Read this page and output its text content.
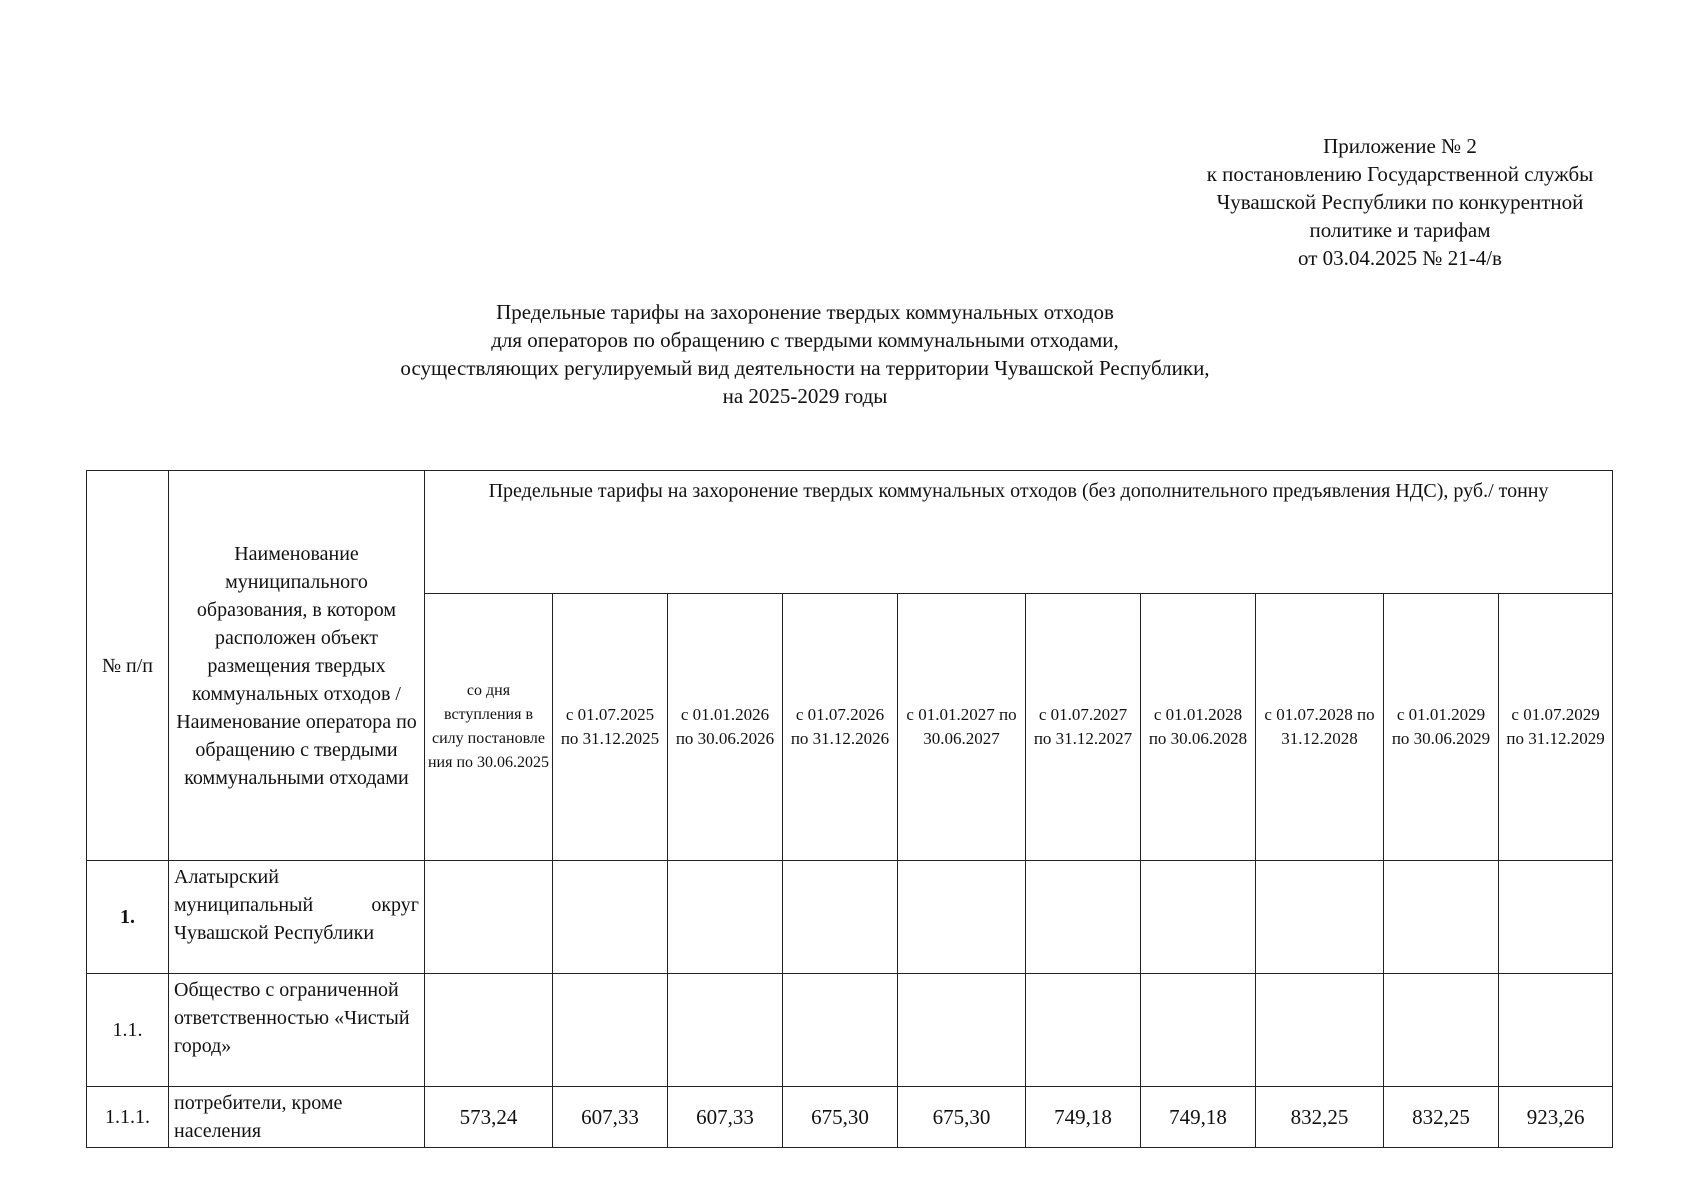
Приложение № 2
к постановлению Государственной службы
Чувашской Республики по конкурентной
политике и тарифам
от 03.04.2025 № 21-4/в
Предельные тарифы на захоронение твердых коммунальных отходов
для операторов по обращению с твердыми коммунальными отходами,
осуществляющих регулируемый вид деятельности на территории Чувашской Республики,
на 2025-2029 годы
№ п/п	Наименование муниципального образования, в котором расположен объект размещения твердых коммунальных отходов / Наименование оператора по обращению с твердыми коммунальными отходами	Предельные тарифы на захоронение твердых коммунальных отходов (без дополнительного предъявления НДС), руб./ тонну									
		со дня вступления в силу постановле ния по 30.06.2025	с 01.07.2025 по 31.12.2025	с 01.01.2026 по 30.06.2026	с 01.07.2026 по 31.12.2026	с 01.01.2027 по 30.06.2027	с 01.07.2027 по 31.12.2027	с 01.01.2028 по 30.06.2028	с 01.07.2028 по 31.12.2028	с 01.01.2029 по 30.06.2029	с 01.07.2029 по 31.12.2029
1.	Алатырский муниципальный округ Чувашской Республики										
1.1.	Общество с ограниченной ответственностью «Чистый город»										
1.1.1.	потребители, кроме населения	573,24	607,33	607,33	675,30	675,30	749,18	749,18	832,25	832,25	923,26
